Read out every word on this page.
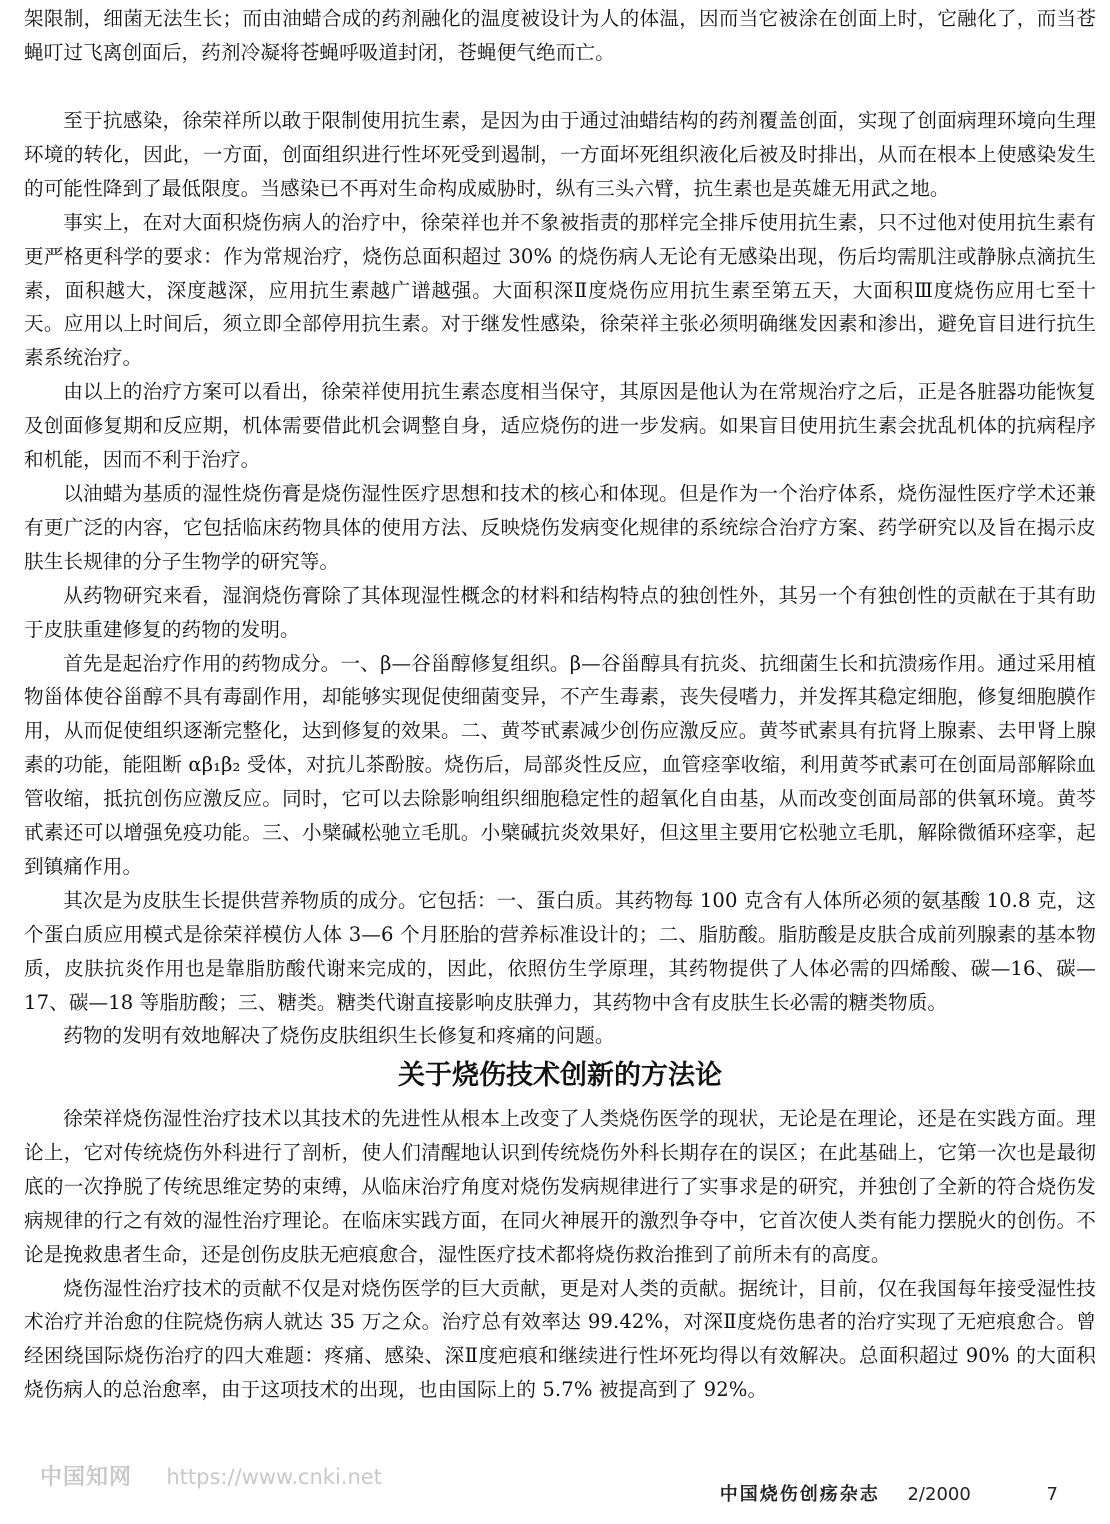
架限制，细菌无法生长；而由油蜡合成的药剂融化的温度被设计为人的体温，因而当它被涂在创面上时，它融化了，而当苍蝇叮过飞离创面后，药剂冷凝将苍蝇呼吸道封闭，苍蝇便气绝而亡。

至于抗感染，徐荣祥所以敢于限制使用抗生素，是因为由于通过油蜡结构的药剂覆盖创面，实现了创面病理环境向生理环境的转化，因此，一方面，创面组织进行性坏死受到遏制，一方面坏死组织液化后被及时排出，从而在根本上使感染发生的可能性降到了最低限度。当感染已不再对生命构成威胁时，纵有三头六臂，抗生素也是英雄无用武之地。

事实上，在对大面积烧伤病人的治疗中，徐荣祥也并不象被指责的那样完全排斥使用抗生素，只不过他对使用抗生素有更严格更科学的要求：作为常规治疗，烧伤总面积超过 30% 的烧伤病人无论有无感染出现，伤后均需肌注或静脉点滴抗生素，面积越大，深度越深，应用抗生素越广谱越强。大面积深Ⅱ度烧伤应用抗生素至第五天，大面积Ⅲ度烧伤应用七至十天。应用以上时间后，须立即全部停用抗生素。对于继发性感染，徐荣祥主张必须明确继发因素和渗出，避免盲目进行抗生素系统治疗。

由以上的治疗方案可以看出，徐荣祥使用抗生素态度相当保守，其原因是他认为在常规治疗之后，正是各脏器功能恢复及创面修复期和反应期，机体需要借此机会调整自身，适应烧伤的进一步发病。如果盲目使用抗生素会扰乱机体的抗病程序和机能，因而不利于治疗。

以油蜡为基质的湿性烧伤膏是烧伤湿性医疗思想和技术的核心和体现。但是作为一个治疗体系，烧伤湿性医疗学术还兼有更广泛的内容，它包括临床药物具体的使用方法、反映烧伤发病变化规律的系统综合治疗方案、药学研究以及旨在揭示皮肤生长规律的分子生物学的研究等。

从药物研究来看，湿润烧伤膏除了其体现湿性概念的材料和结构特点的独创性外，其另一个有独创性的贡献在于其有助于皮肤重建修复的药物的发明。

首先是起治疗作用的药物成分。一、β—谷甾醇修复组织。β—谷甾醇具有抗炎、抗细菌生长和抗溃疡作用。通过采用植物甾体使谷甾醇不具有毒副作用，却能够实现促使细菌变异，不产生毒素，丧失侵嗜力，并发挥其稳定细胞，修复细胞膜作用，从而促使组织逐渐完整化，达到修复的效果。二、黄芩甙素减少创伤应激反应。黄芩甙素具有抗肾上腺素、去甲肾上腺素的功能，能阻断 αβ₁β₂ 受体，对抗儿茶酚胺。烧伤后，局部炎性反应，血管痉挛收缩，利用黄芩甙素可在创面局部解除血管收缩，抵抗创伤应激反应。同时，它可以去除影响组织细胞稳定性的超氧化自由基，从而改变创面局部的供氧环境。黄芩甙素还可以增强免疫功能。三、小檗碱松驰立毛肌。小檗碱抗炎效果好，但这里主要用它松驰立毛肌，解除微循环痉挛，起到镇痛作用。

其次是为皮肤生长提供营养物质的成分。它包括：一、蛋白质。其药物每 100 克含有人体所必须的氨基酸 10.8 克，这个蛋白质应用模式是徐荣祥模仿人体 3—6 个月胚胎的营养标准设计的；二、脂肪酸。脂肪酸是皮肤合成前列腺素的基本物质，皮肤抗炎作用也是靠脂肪酸代谢来完成的，因此，依照仿生学原理，其药物提供了人体必需的四烯酸、碳—16、碳—17、碳—18 等脂肪酸；三、糖类。糖类代谢直接影响皮肤弹力，其药物中含有皮肤生长必需的糖类物质。

药物的发明有效地解决了烧伤皮肤组织生长修复和疼痛的问题。

关于烧伤技术创新的方法论

徐荣祥烧伤湿性治疗技术以其技术的先进性从根本上改变了人类烧伤医学的现状，无论是在理论，还是在实践方面。理论上，它对传统烧伤外科进行了剖析，使人们清醒地认识到传统烧伤外科长期存在的误区；在此基础上，它第一次也是最彻底的一次挣脱了传统思维定势的束缚，从临床治疗角度对烧伤发病规律进行了实事求是的研究，并独创了全新的符合烧伤发病规律的行之有效的湿性治疗理论。在临床实践方面，在同火神展开的激烈争夺中，它首次使人类有能力摆脱火的创伤。不论是挽救患者生命，还是创伤皮肤无疤痕愈合，湿性医疗技术都将烧伤救治推到了前所未有的高度。

烧伤湿性治疗技术的贡献不仅是对烧伤医学的巨大贡献，更是对人类的贡献。据统计，目前，仅在我国每年接受湿性技术治疗并治愈的住院烧伤病人就达 35 万之众。治疗总有效率达 99.42%，对深Ⅱ度烧伤患者的治疗实现了无疤痕愈合。曾经困绕国际烧伤治疗的四大难题：疼痛、感染、深Ⅱ度疤痕和继续进行性坏死均得以有效解决。总面积超过 90% 的大面积烧伤病人的总治愈率，由于这项技术的出现，也由国际上的 5.7% 被提高到了 92%。

中国知网 https://www.cnki.net
中国烧伤创疡杂志 2/2000	7
